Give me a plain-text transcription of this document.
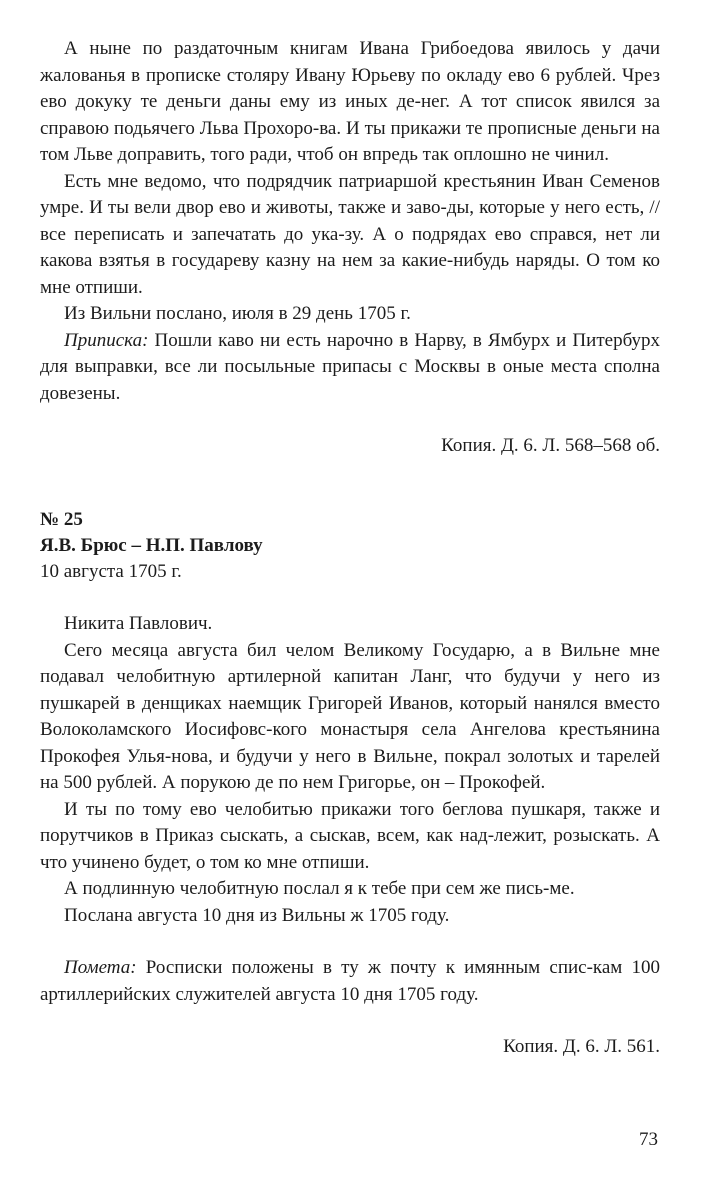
А ныне по раздаточным книгам Ивана Грибоедова явилось у дачи жалованья в прописке столяру Ивану Юрьеву по окладу ево 6 рублей. Чрез ево докуку те деньги даны ему из иных де-нег. А тот список явился за справою подьячего Льва Прохоро-ва. И ты прикажи те прописные деньги на том Льве доправить, того ради, чтоб он впредь так оплошно не чинил.

Есть мне ведомо, что подрядчик патриаршой крестьянин Иван Семенов умре. И ты вели двор ево и животы, также и заво-ды, которые у него есть, // все переписать и запечатать до ука-зу. А о подрядах ево справся, нет ли какова взятья в государеву казну на нем за какие-нибудь наряды. О том ко мне отпиши.

Из Вильни послано, июля в 29 день 1705 г.

Приписка: Пошли каво ни есть нарочно в Нарву, в Ямбурх и Питербурх для выправки, все ли посыльные припасы с Москвы в оные места сполна довезены.

Копия. Д. 6. Л. 568–568 об.

№ 25

Я.В. Брюс – Н.П. Павлову

10 августа 1705 г.

Никита Павлович.

Сего месяца августа бил челом Великому Государю, а в Вильне мне подавал челобитную артилерной капитан Ланг, что будучи у него из пушкарей в денщиках наемщик Григорей Иванов, который нанялся вместо Волоколамского Иосифовс-кого монастыря села Ангелова крестьянина Прокофея Улья-нова, и будучи у него в Вильне, покрал золотых и тарелей на 500 рублей. А порукою де по нем Григорье, он – Прокофей.

И ты по тому ево челобитью прикажи того беглова пушкаря, также и порутчиков в Приказ сыскать, а сыскав, всем, как над-лежит, розыскать. А что учинено будет, о том ко мне отпиши.

А подлинную челобитную послал я к тебе при сем же пись-ме.

Послана августа 10 дня из Вильны ж 1705 году.

Помета: Росписки положены в ту ж почту к имянным спис-кам 100 артиллерийских служителей августа 10 дня 1705 году.

Копия. Д. 6. Л. 561.

73
